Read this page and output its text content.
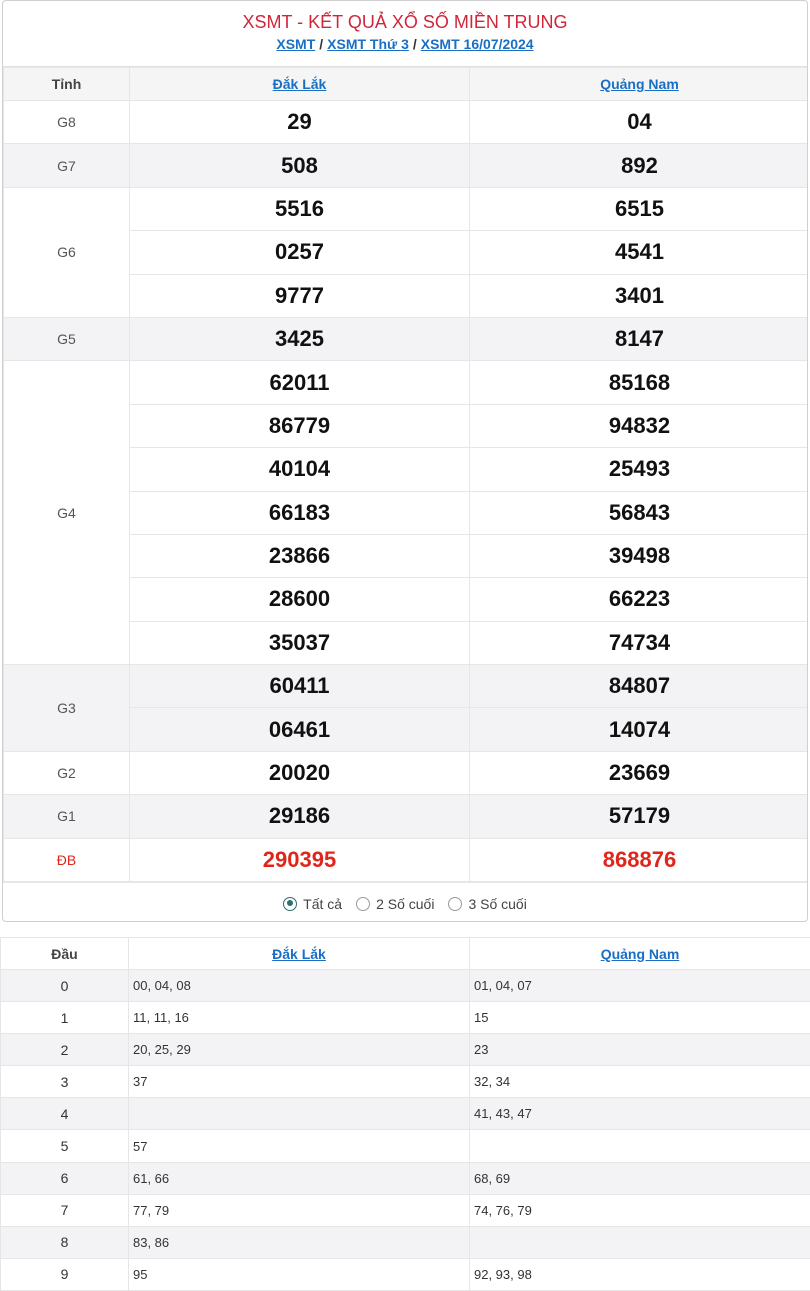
XSMT - KẾT QUẢ XỔ SỐ MIỀN TRUNG
XSMT / XSMT Thứ 3 / XSMT 16/07/2024
Tỉnh	Đắk Lắk	Quảng Nam
G8	29	04
G7	508	892
G6	5516	6515
	0257	4541
	9777	3401
G5	3425	8147
G4	62011	85168
	86779	94832
	40104	25493
	66183	56843
	23866	39498
	28600	66223
	35037	74734
G3	60411	84807
	06461	14074
G2	20020	23669
G1	29186	57179
ĐB	290395	868876
Tất cả 2 Số cuối 3 Số cuối
Đầu	Đắk Lắk	Quảng Nam
0	00, 04, 08	01, 04, 07
1	11, 11, 16	15
2	20, 25, 29	23
3	37	32, 34
4		41, 43, 47
5	57	
6	61, 66	68, 69
7	77, 79	74, 76, 79
8	83, 86	
9	95	92, 93, 98
